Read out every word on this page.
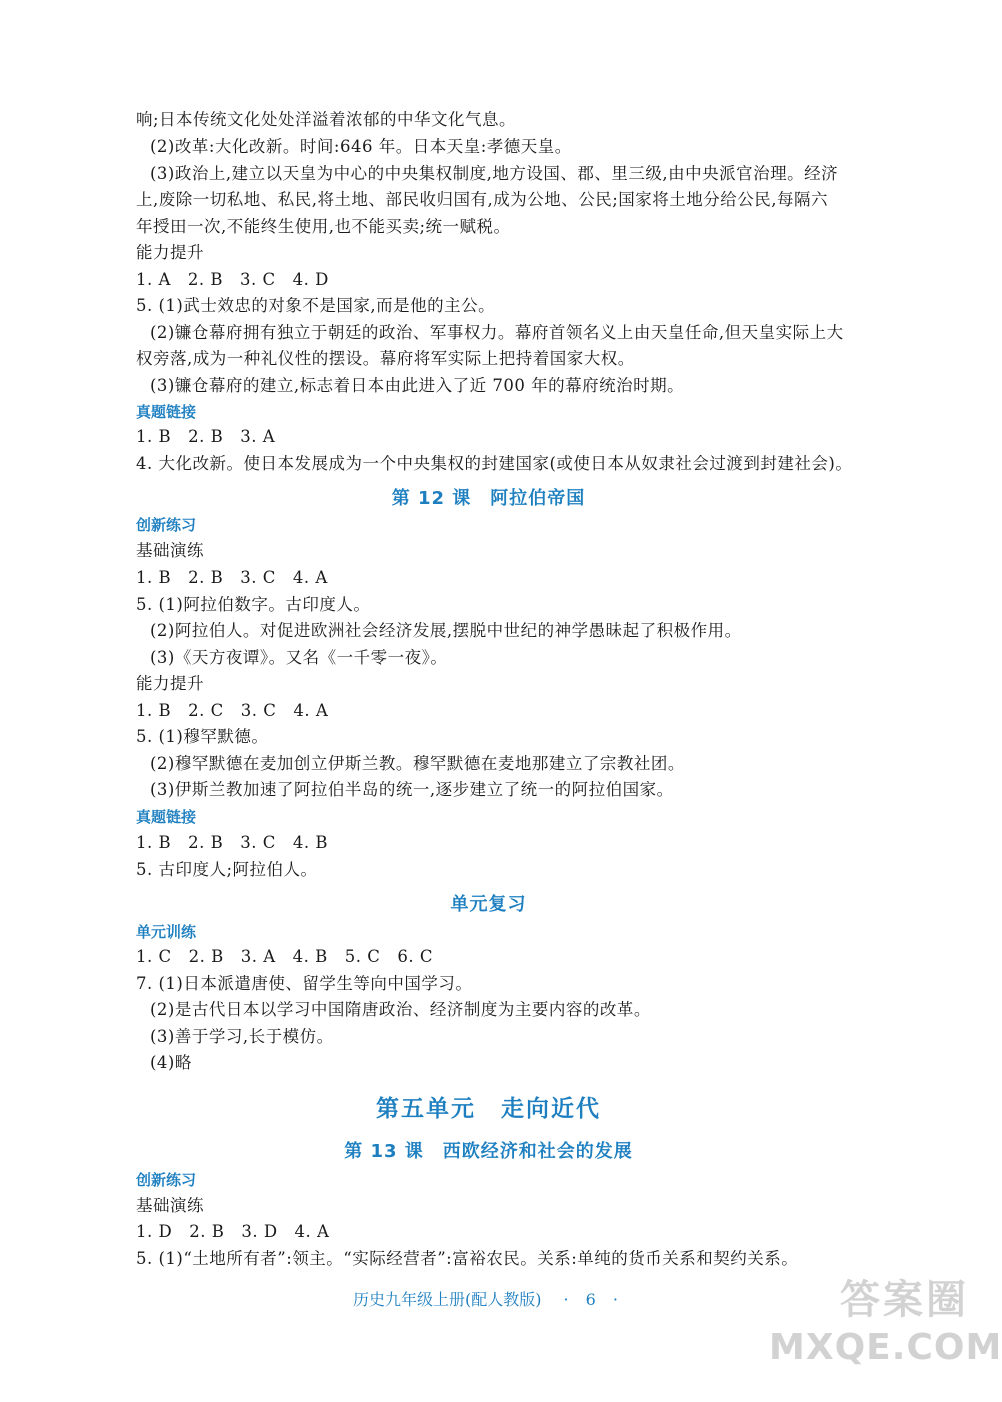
响;日本传统文化处处洋溢着浓郁的中华文化气息。
(2)改革:大化改新。时间:646 年。日本天皇:孝德天皇。
(3)政治上,建立以天皇为中心的中央集权制度,地方设国、郡、里三级,由中央派官治理。经济
上,废除一切私地、私民,将土地、部民收归国有,成为公地、公民;国家将土地分给公民,每隔六
年授田一次,不能终生使用,也不能买卖;统一赋税。
能力提升
1. A　2. B　3. C　4. D
5. (1)武士效忠的对象不是国家,而是他的主公。
(2)镰仓幕府拥有独立于朝廷的政治、军事权力。幕府首领名义上由天皇任命,但天皇实际上大
权旁落,成为一种礼仪性的摆设。幕府将军实际上把持着国家大权。
(3)镰仓幕府的建立,标志着日本由此进入了近 700 年的幕府统治时期。
真题链接
1. B　2. B　3. A
4. 大化改新。使日本发展成为一个中央集权的封建国家(或使日本从奴隶社会过渡到封建社会)。
第 12 课　阿拉伯帝国
创新练习
基础演练
1. B　2. B　3. C　4. A
5. (1)阿拉伯数字。古印度人。
(2)阿拉伯人。对促进欧洲社会经济发展,摆脱中世纪的神学愚昧起了积极作用。
(3)《天方夜谭》。又名《一千零一夜》。
能力提升
1. B　2. C　3. C　4. A
5. (1)穆罕默德。
(2)穆罕默德在麦加创立伊斯兰教。穆罕默德在麦地那建立了宗教社团。
(3)伊斯兰教加速了阿拉伯半岛的统一,逐步建立了统一的阿拉伯国家。
真题链接
1. B　2. B　3. C　4. B
5. 古印度人;阿拉伯人。
单元复习
单元训练
1. C　2. B　3. A　4. B　5. C　6. C
7. (1)日本派遣唐使、留学生等向中国学习。
(2)是古代日本以学习中国隋唐政治、经济制度为主要内容的改革。
(3)善于学习,长于模仿。
(4)略
第五单元　走向近代
第 13 课　西欧经济和社会的发展
创新练习
基础演练
1. D　2. B　3. D　4. A
5. (1)“土地所有者”:领主。“实际经营者”:富裕农民。关系:单纯的货币关系和契约关系。
历史九年级上册(配人教版) · 6 ·	答案圈
MXQE.COM
